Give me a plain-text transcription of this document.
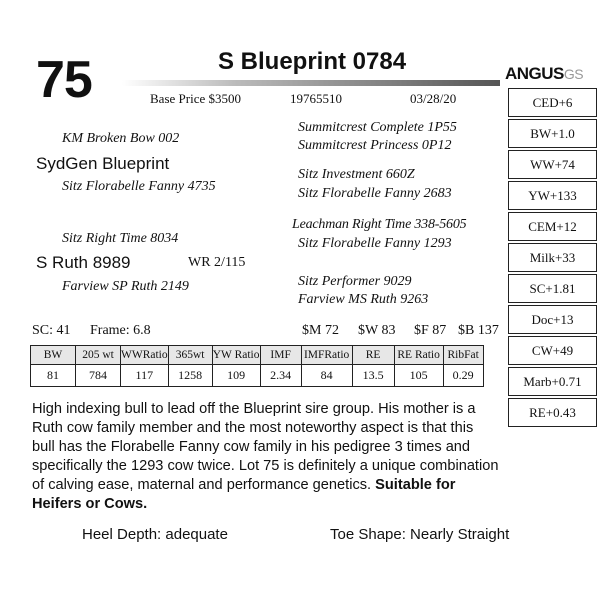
75	S Blueprint 0784
Base Price $3500	19765510	03/28/20
ANGUSGS
KM Broken Bow 002
SydGen Blueprint
Sitz Florabelle Fanny 4735
Sitz Right Time 8034
S Ruth 8989	WR 2/115
Farview SP Ruth 2149
Summitcrest Complete 1P55
Summitcrest Princess 0P12
Sitz Investment 660Z
Sitz Florabelle Fanny 2683
Leachman Right Time 338-5605
Sitz Florabelle Fanny 1293
Sitz Performer 9029
Farview MS Ruth 9263
SC: 41 Frame: 6.8	$M 72 $W 83 $F 87 $B 137
BW	205 wt	WWRatio	365wt	YW Ratio	IMF	IMFRatio	RE	RE Ratio	RibFat
81	784	117	1258	109	2.34	84	13.5	105	0.29
CED+6
BW+1.0
WW+74
YW+133
CEM+12
Milk+33
SC+1.81
Doc+13
CW+49
Marb+0.71
RE+0.43
High indexing bull to lead off the Blueprint sire group. His mother is a Ruth cow family member and the most noteworthy aspect is that this bull has the Florabelle Fanny cow family in his pedigree 3 times and specifically the 1293 cow twice. Lot 75 is definitely a unique combination of calving ease, maternal and performance genetics. Suitable for Heifers or Cows.
Heel Depth: adequate	Toe Shape: Nearly Straight
